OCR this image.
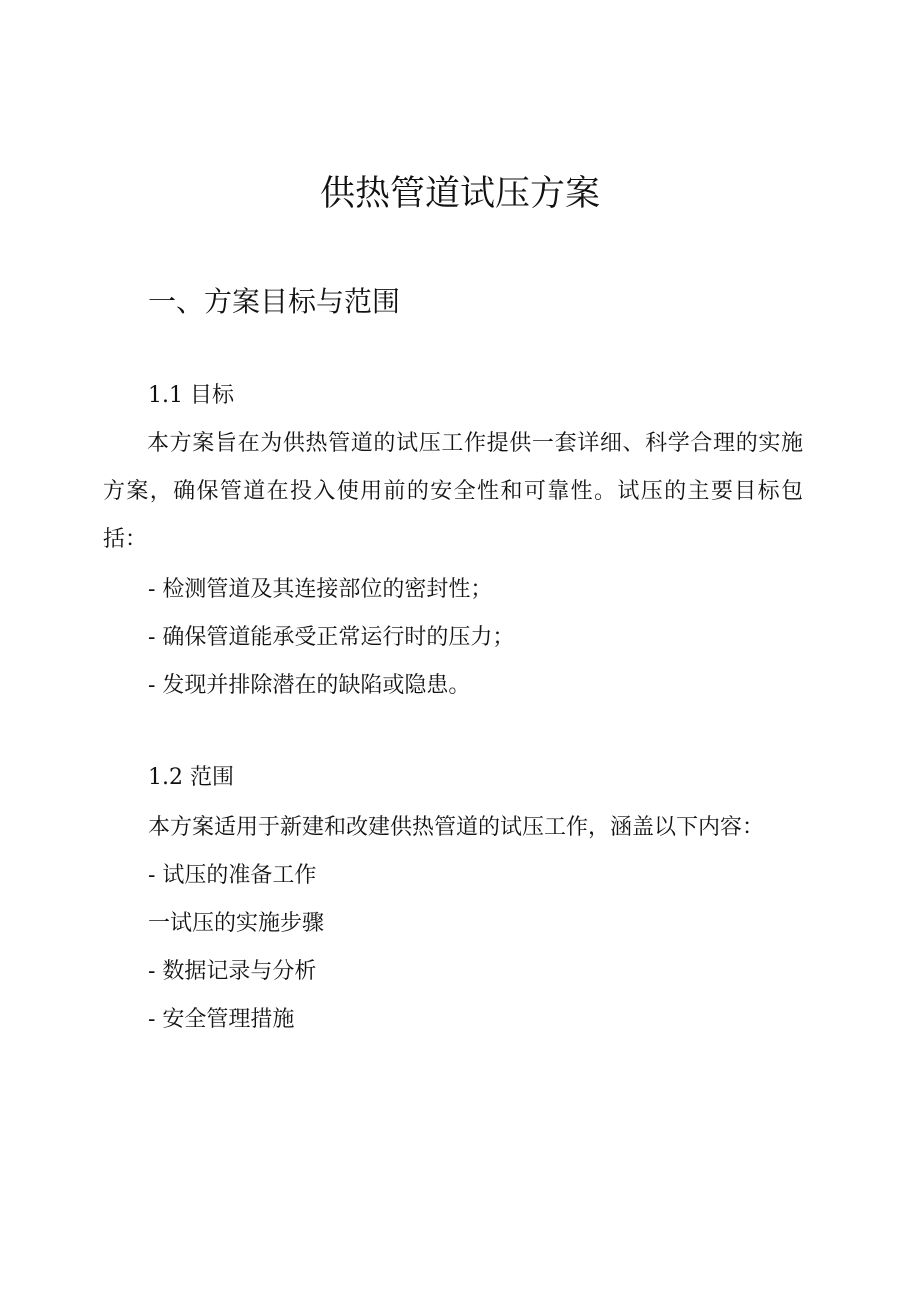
供热管道试压方案
一、方案目标与范围

1.1 目标

本方案旨在为供热管道的试压工作提供一套详细、科学合理的实施方案，确保管道在投入使用前的安全性和可靠性。试压的主要目标包括：

- 检测管道及其连接部位的密封性；

- 确保管道能承受正常运行时的压力；

- 发现并排除潜在的缺陷或隐患。

1.2 范围

本方案适用于新建和改建供热管道的试压工作，涵盖以下内容：

- 试压的准备工作

一试压的实施步骤

- 数据记录与分析

- 安全管理措施
